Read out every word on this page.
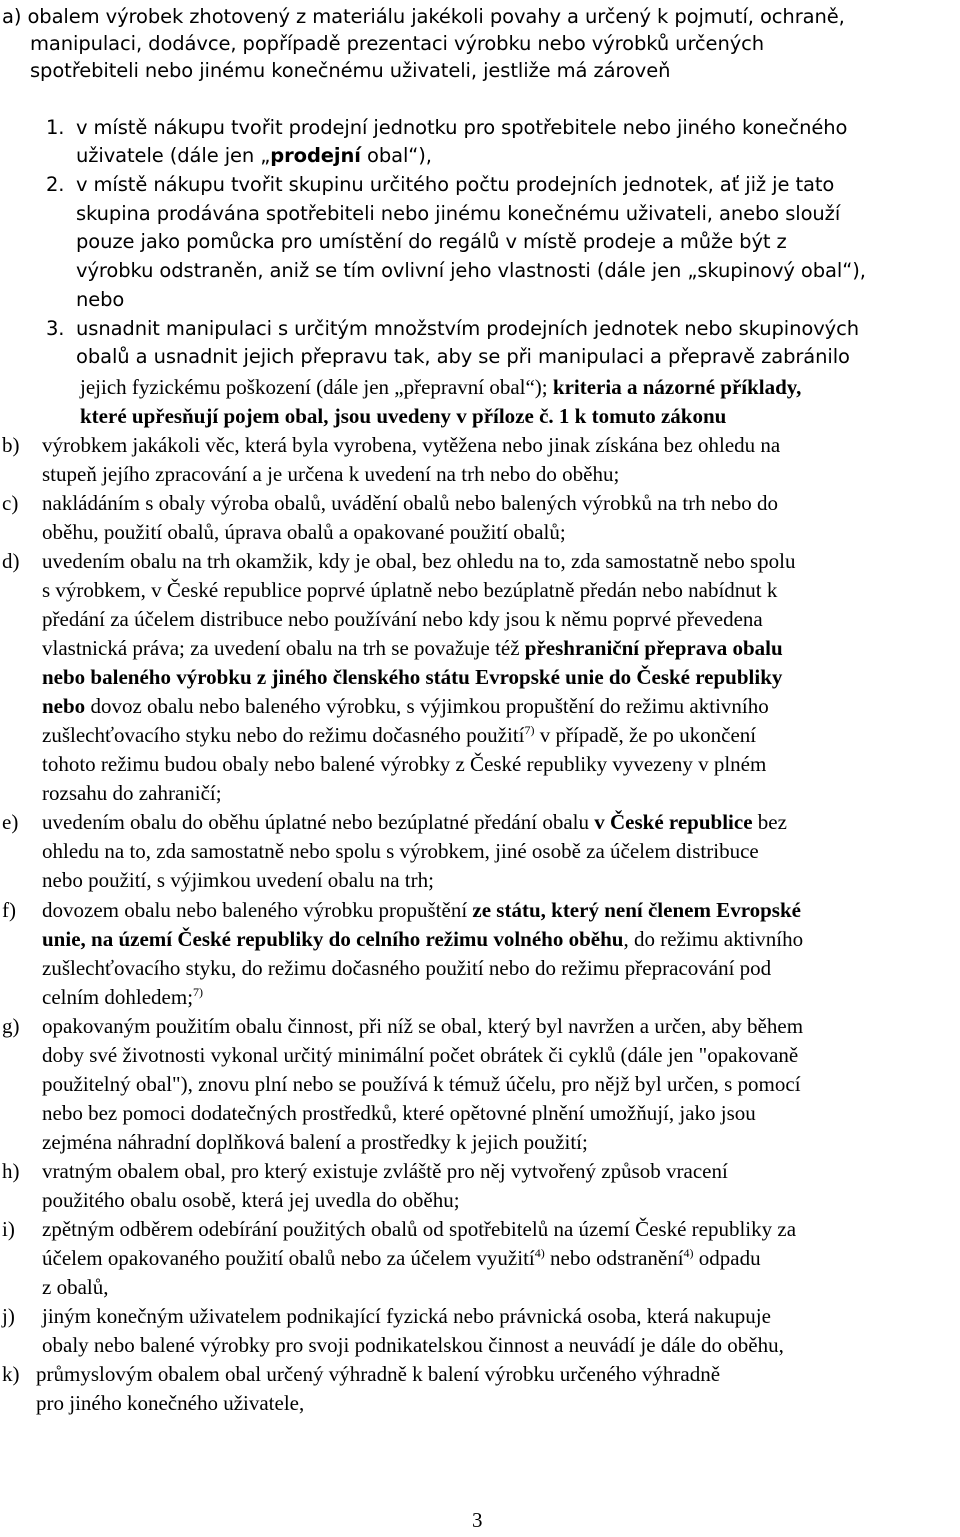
a) obalem výrobek zhotovený z materiálu jakékoli povahy a určený k pojmutí, ochraně,
manipulaci, dodávce, popřípadě prezentaci výrobku nebo výrobků určených
spotřebiteli nebo jinému konečnému uživateli, jestliže má zároveň
1. v místě nákupu tvořit prodejní jednotku pro spotřebitele nebo jiného konečného
uživatele (dále jen „prodejní obal“),
2. v místě nákupu tvořit skupinu určitého počtu prodejních jednotek, ať již je tato
skupina prodávána spotřebiteli nebo jinému konečnému uživateli, anebo slouží
pouze jako pomůcka pro umístění do regálů v místě prodeje a může být z
výrobku odstraněn, aniž se tím ovlivní jeho vlastnosti (dále jen „skupinový obal“),
nebo
3. usnadnit manipulaci s určitým množstvím prodejních jednotek nebo skupinových
obalů a usnadnit jejich přepravu tak, aby se při manipulaci a přepravě zabránilo
jejich fyzickému poškození (dále jen „přepravní obal“); kriteria a názorné příklady,
které upřesňují pojem obal, jsou uvedeny v příloze č. 1 k tomuto zákonu
b) výrobkem jakákoli věc, která byla vyrobena, vytěžena nebo jinak získána bez ohledu na
stupeň jejího zpracování a je určena k uvedení na trh nebo do oběhu;
c) nakládáním s obaly výroba obalů, uvádění obalů nebo balených výrobků na trh nebo do
oběhu, použití obalů, úprava obalů a opakované použití obalů;
d) uvedením obalu na trh okamžik, kdy je obal, bez ohledu na to, zda samostatně nebo spolu
s výrobkem, v České republice poprvé úplatně nebo bezúplatně předán nebo nabídnut k
předání za účelem distribuce nebo používání nebo kdy jsou k němu poprvé převedena
vlastnická práva; za uvedení obalu na trh se považuje též přeshraniční přeprava obalu
nebo baleného výrobku z jiného členského státu Evropské unie do České republiky
nebo dovoz obalu nebo baleného výrobku, s výjimkou propuštění do režimu aktivního
zušlechťovacího styku nebo do režimu dočasného použití$^{7)}$ v případě, že po ukončení
tohoto režimu budou obaly nebo balené výrobky z České republiky vyvezeny v plném
rozsahu do zahraničí;
e) uvedením obalu do oběhu úplatné nebo bezúplatné předání obalu v České republice bez
ohledu na to, zda samostatně nebo spolu s výrobkem, jiné osobě za účelem distribuce
nebo použití, s výjimkou uvedení obalu na trh;
f) dovozem obalu nebo baleného výrobku propuštění ze státu, který není členem Evropské
unie, na území České republiky do celního režimu volného oběhu, do režimu aktivního
zušlechťovacího styku, do režimu dočasného použití nebo do režimu přepracování pod
celním dohledem;$^{7)}$
g) opakovaným použitím obalu činnost, při níž se obal, který byl navržen a určen, aby během
doby své životnosti vykonal určitý minimální počet obrátek či cyklů (dále jen "opakovaně
použitelný obal"), znovu plní nebo se používá k témuž účelu, pro nějž byl určen, s pomocí
nebo bez pomoci dodatečných prostředků, které opětovné plnění umožňují, jako jsou
zejména náhradní doplňková balení a prostředky k jejich použití;
h) vratným obalem obal, pro který existuje zvláště pro něj vytvořený způsob vracení
použitého obalu osobě, která jej uvedla do oběhu;
i) zpětným odběrem odebírání použitých obalů od spotřebitelů na území České republiky za
účelem opakovaného použití obalů nebo za účelem využití$^{4)}$ nebo odstranění$^{4)}$ odpadu
z obalů,
j) jiným konečným uživatelem podnikající fyzická nebo právnická osoba, která nakupuje
obaly nebo balené výrobky pro svoji podnikatelskou činnost a neuvádí je dále do oběhu,
k) průmyslovým obalem obal určený výhradně k balení výrobku určeného výhradně
pro jiného konečného uživatele,
3
